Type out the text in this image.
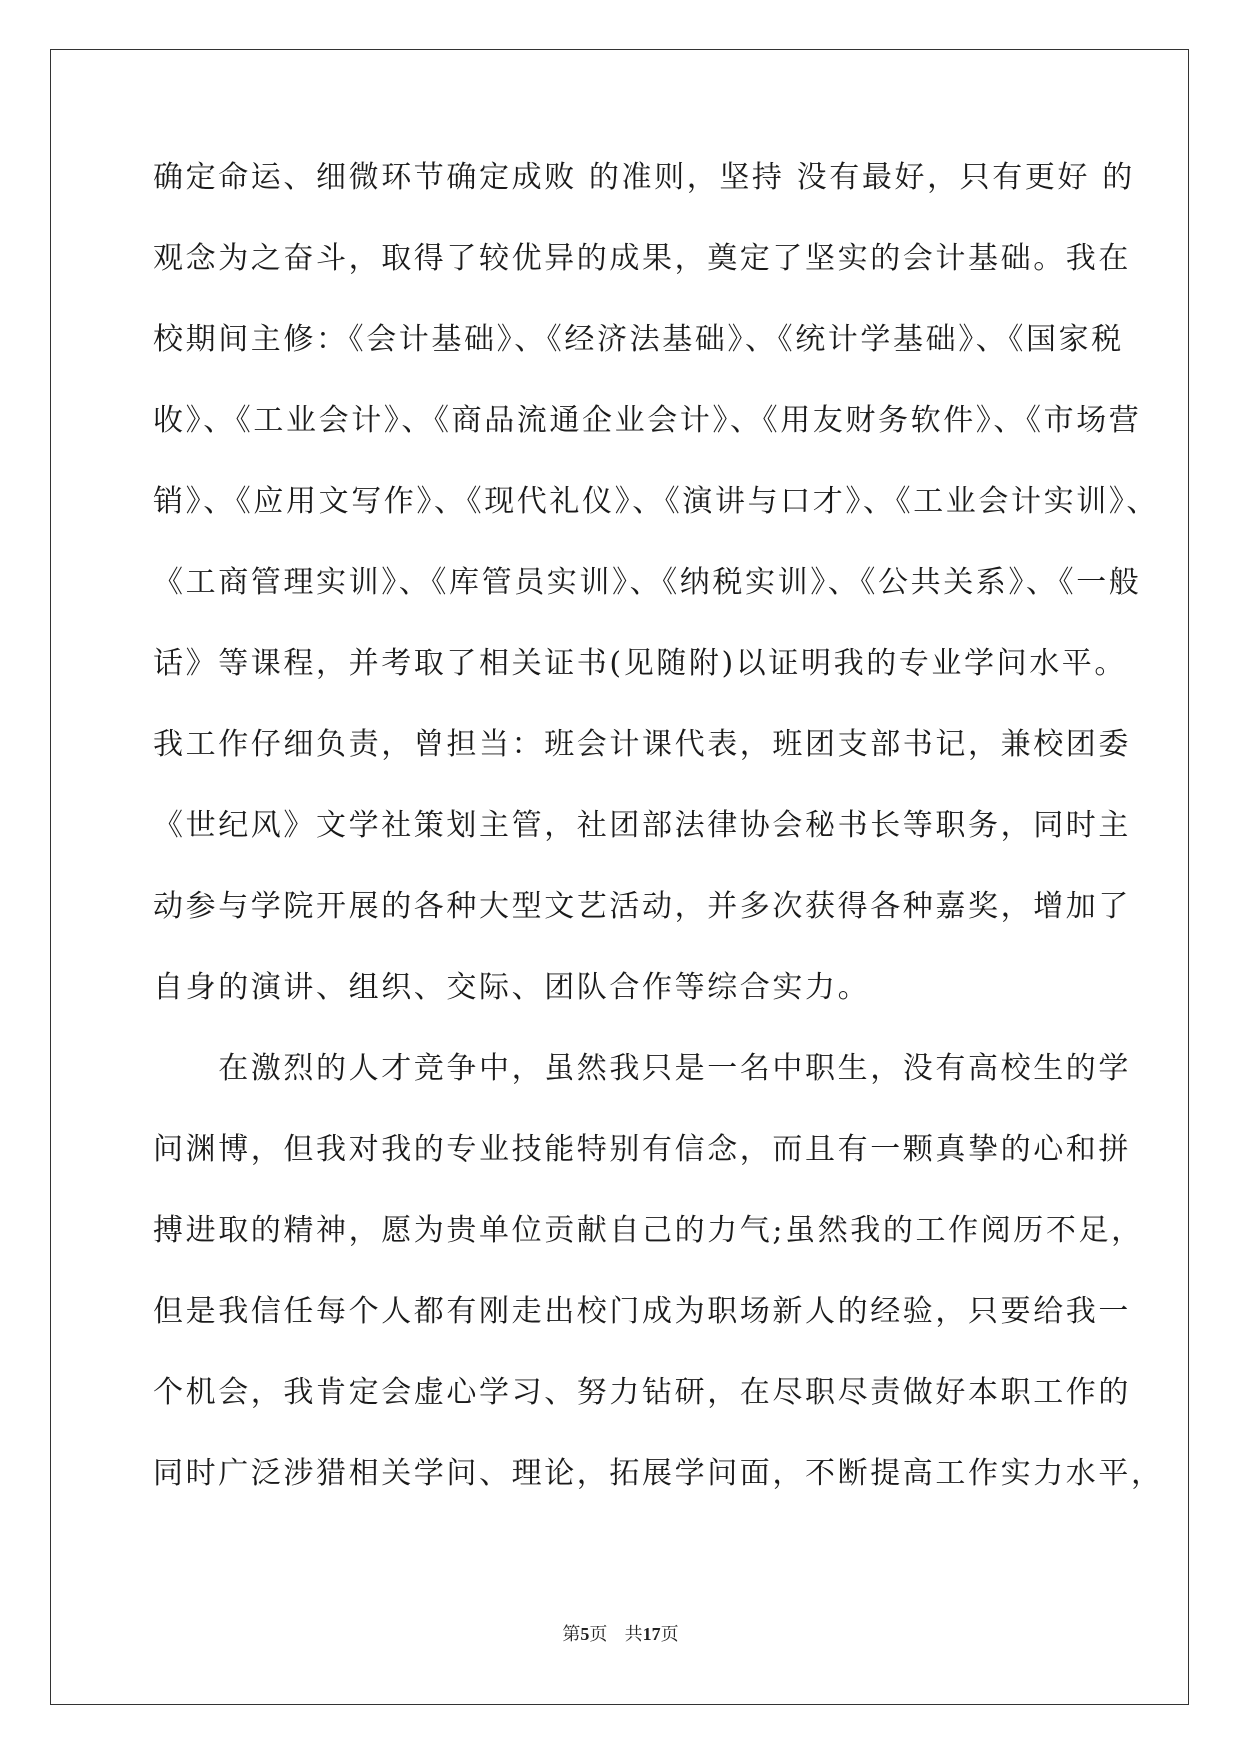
确定命运、细微环节确定成败 的准则，坚持 没有最好，只有更好 的
观念为之奋斗，取得了较优异的成果，奠定了坚实的会计基础。我在
校期间主修：《会计基础》、《经济法基础》、《统计学基础》、《国家税
收》、《工业会计》、《商品流通企业会计》、《用友财务软件》、《市场营
销》、《应用文写作》、《现代礼仪》、《演讲与口才》、《工业会计实训》、
《工商管理实训》、《库管员实训》、《纳税实训》、《公共关系》、《一般
话》等课程，并考取了相关证书(见随附)以证明我的专业学问水平。
我工作仔细负责，曾担当：班会计课代表，班团支部书记，兼校团委
《世纪风》文学社策划主管，社团部法律协会秘书长等职务，同时主
动参与学院开展的各种大型文艺活动，并多次获得各种嘉奖，增加了
自身的演讲、组织、交际、团队合作等综合实力。
　　在激烈的人才竞争中，虽然我只是一名中职生，没有高校生的学
问渊博，但我对我的专业技能特别有信念，而且有一颗真挚的心和拼
搏进取的精神，愿为贵单位贡献自己的力气;虽然我的工作阅历不足，
但是我信任每个人都有刚走出校门成为职场新人的经验，只要给我一
个机会，我肯定会虚心学习、努力钻研，在尽职尽责做好本职工作的
同时广泛涉猎相关学问、理论，拓展学问面，不断提高工作实力水平，
第5页 共17页
